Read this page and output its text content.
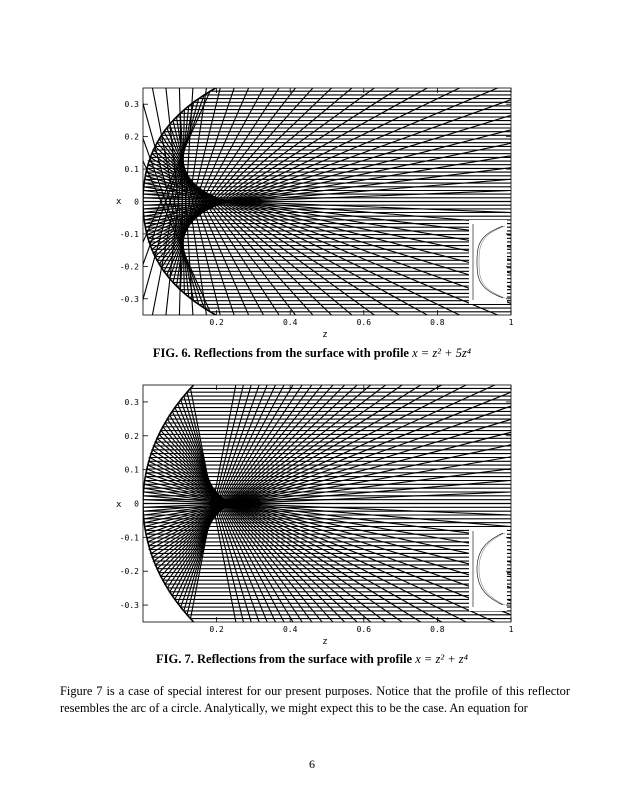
0.3
0.2
0.1
0
-0.1
-0.2
-0.3
0.2	0.4	0.6	0.8	1
x
z
0.3
0.2
0.1
0
-0.1
-0.2
-0.3
0.2	0.4	0.6	0.8	1
x
z
FIG. 6. Reflections from the surface with profile x = z² + 5z⁴
FIG. 7. Reflections from the surface with profile x = z² + z⁴
Figure 7 is a case of special interest for our present purposes. Notice that the profile of this reflector resembles the arc of a circle. Analytically, we might expect this to be the case. An equation for
6
